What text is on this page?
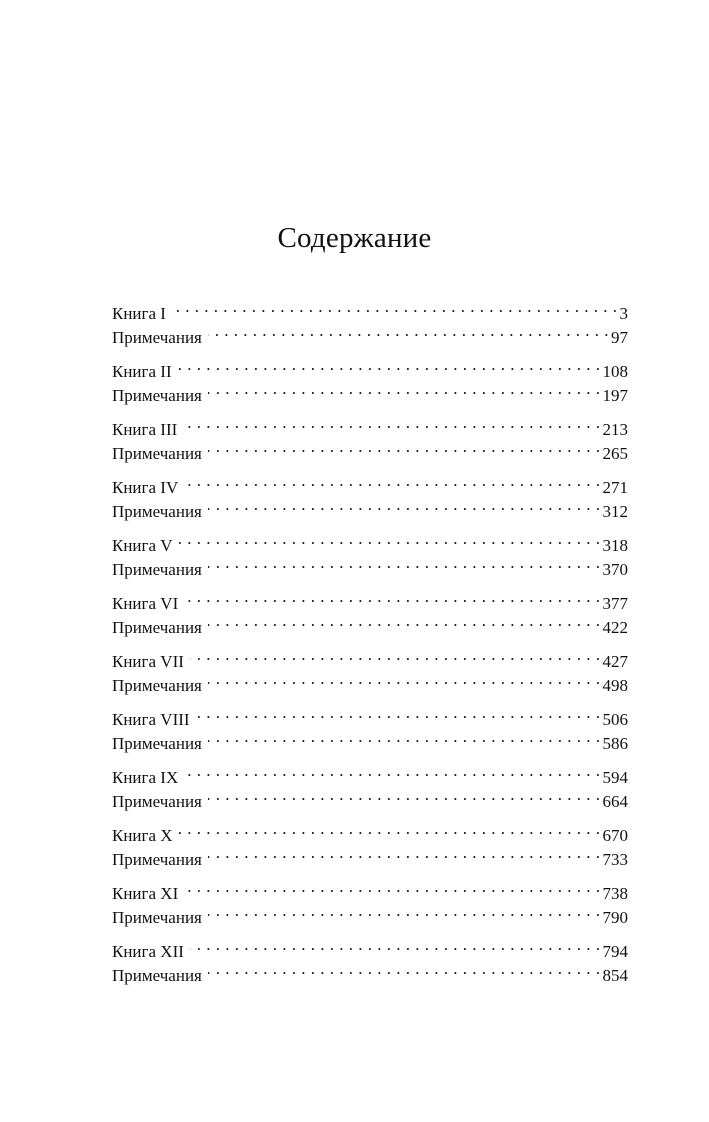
Содержание
Книга I . . .	3
Примечания . . .	97
Книга II . . .	108
Примечания . . .	197
Книга III . . .	213
Примечания . . .	265
Книга IV . . .	271
Примечания . . .	312
Книга V . . .	318
Примечания . . .	370
Книга VI . . .	377
Примечания . . .	422
Книга VII . . .	427
Примечания . . .	498
Книга VIII . . .	506
Примечания . . .	586
Книга IX . . .	594
Примечания . . .	664
Книга X . . .	670
Примечания . . .	733
Книга XI . . .	738
Примечания . . .	790
Книга XII . . .	794
Примечания . . .	854
